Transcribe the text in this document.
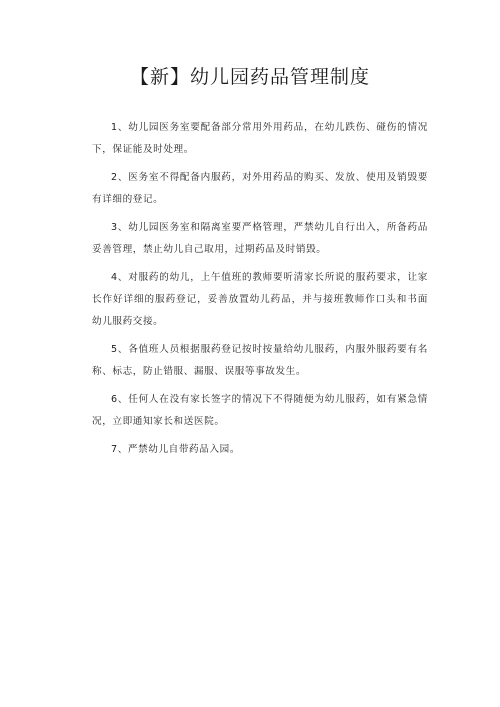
【新】幼儿园药品管理制度

1、幼儿园医务室要配备部分常用外用药品，在幼儿跌伤、碰伤的情况下，保证能及时处理。

2、医务室不得配备内服药，对外用药品的购买、发放、使用及销毁要有详细的登记。

3、幼儿园医务室和隔离室要严格管理，严禁幼儿自行出入，所备药品妥善管理，禁止幼儿自己取用，过期药品及时销毁。

4、对服药的幼儿，上午值班的教师要听清家长所说的服药要求，让家长作好详细的服药登记，妥善放置幼儿药品，并与接班教师作口头和书面幼儿服药交接。

5、各值班人员根据服药登记按时按量给幼儿服药，内服外服药要有名称、标志，防止错服、漏服、误服等事故发生。

6、任何人在没有家长签字的情况下不得随便为幼儿服药，如有紧急情况，立即通知家长和送医院。

7、严禁幼儿自带药品入园。
